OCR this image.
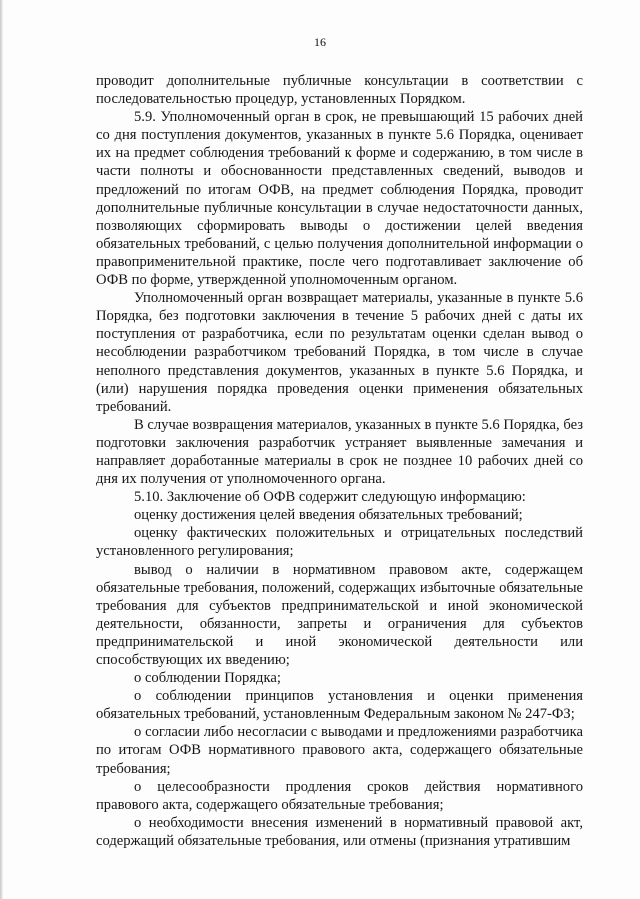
16

проводит дополнительные публичные консультации в соответствии с последовательностью процедур, установленных Порядком.

5.9. Уполномоченный орган в срок, не превышающий 15 рабочих дней со дня поступления документов, указанных в пункте 5.6 Порядка, оценивает их на предмет соблюдения требований к форме и содержанию, в том числе в части полноты и обоснованности представленных сведений, выводов и предложений по итогам ОФВ, на предмет соблюдения Порядка, проводит дополнительные публичные консультации в случае недостаточности данных, позволяющих сформировать выводы о достижении целей введения обязательных требований, с целью получения дополнительной информации о правоприменительной практике, после чего подготавливает заключение об ОФВ по форме, утвержденной уполномоченным органом.

Уполномоченный орган возвращает материалы, указанные в пункте 5.6 Порядка, без подготовки заключения в течение 5 рабочих дней с даты их поступления от разработчика, если по результатам оценки сделан вывод о несоблюдении разработчиком требований Порядка, в том числе в случае неполного представления документов, указанных в пункте 5.6 Порядка, и (или) нарушения порядка проведения оценки применения обязательных требований.

В случае возвращения материалов, указанных в пункте 5.6 Порядка, без подготовки заключения разработчик устраняет выявленные замечания и направляет доработанные материалы в срок не позднее 10 рабочих дней со дня их получения от уполномоченного органа.

5.10. Заключение об ОФВ содержит следующую информацию:

оценку достижения целей введения обязательных требований;

оценку фактических положительных и отрицательных последствий установленного регулирования;

вывод о наличии в нормативном правовом акте, содержащем обязательные требования, положений, содержащих избыточные обязательные требования для субъектов предпринимательской и иной экономической деятельности, обязанности, запреты и ограничения для субъектов предпринимательской и иной экономической деятельности или способствующих их введению;

о соблюдении Порядка;

о соблюдении принципов установления и оценки применения обязательных требований, установленным Федеральным законом № 247-ФЗ;

о согласии либо несогласии с выводами и предложениями разработчика по итогам ОФВ нормативного правового акта, содержащего обязательные требования;

о целесообразности продления сроков действия нормативного правового акта, содержащего обязательные требования;

о необходимости внесения изменений в нормативный правовой акт, содержащий обязательные требования, или отмены (признания утратившим
